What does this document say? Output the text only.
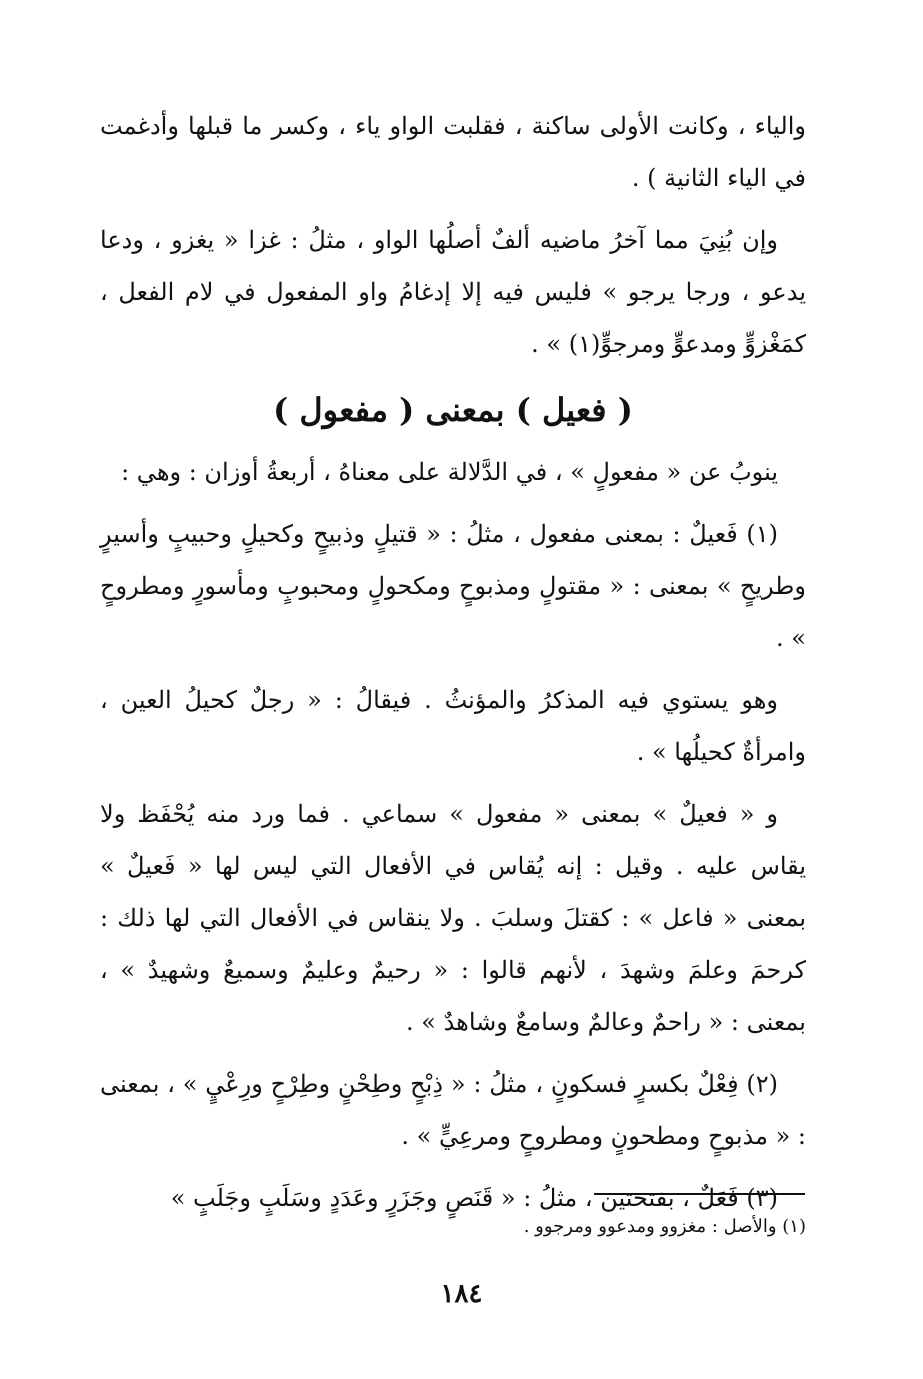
والياء ، وكانت الأولى ساكنة ، فقلبت الواو ياء ، وكسر ما قبلها وأدغمت في الياء الثانية ) .

وإن بُنِيَ مما آخرُ ماضيه ألفٌ أصلُها الواو ، مثلُ : غزا « يغزو ، ودعا يدعو ، ورجا يرجو » فليس فيه إلا إدغامُ واو المفعول في لام الفعل ، كمَغْزوٍّ ومدعوٍّ ومرجوٍّ(١) » .

( فعيل ) بمعنى ( مفعول )

ينوبُ عن « مفعولٍ » ، في الدَّلالة على معناهُ ، أربعةُ أوزان : وهي :

(١) فَعيلٌ : بمعنى مفعول ، مثلُ : « قتيلٍ وذبيحٍ وكحيلٍ وحبيبٍ وأسيرٍ وطريحٍ » بمعنى : « مقتولٍ ومذبوحٍ ومكحولٍ ومحبوبٍ ومأسورٍ ومطروحٍ » .

وهو يستوي فيه المذكرُ والمؤنثُ . فيقالُ : « رجلٌ كحيلُ العين ، وامرأةٌ كحيلُها » .

و « فعيلٌ » بمعنى « مفعول » سماعي . فما ورد منه يُحْفَظ ولا يقاس عليه . وقيل : إنه يُقاس في الأفعال التي ليس لها « فَعيلٌ » بمعنى « فاعل » : كقتلَ وسلبَ . ولا ينقاس في الأفعال التي لها ذلك : كرحمَ وعلمَ وشهدَ ، لأنهم قالوا : « رحيمٌ وعليمٌ وسميعٌ وشهيدٌ » ، بمعنى : « راحمٌ وعالمٌ وسامعٌ وشاهدٌ » .

(٢) فِعْلٌ بكسرٍ فسكونٍ ، مثلُ : « ذِبْحٍ وطِحْنٍ وطِرْحٍ ورِعْيٍ » ، بمعنى : « مذبوحٍ ومطحونٍ ومطروحٍ ومرعِيٍّ » .

(٣) فَعَلٌ ، بفتحتين ، مثلُ : « قَنَصٍ وجَزَرٍ وعَدَدٍ وسَلَبٍ وجَلَبٍ »

(١) والأصل : مغزوو ومدعوو ومرجوو .
١٨٤
